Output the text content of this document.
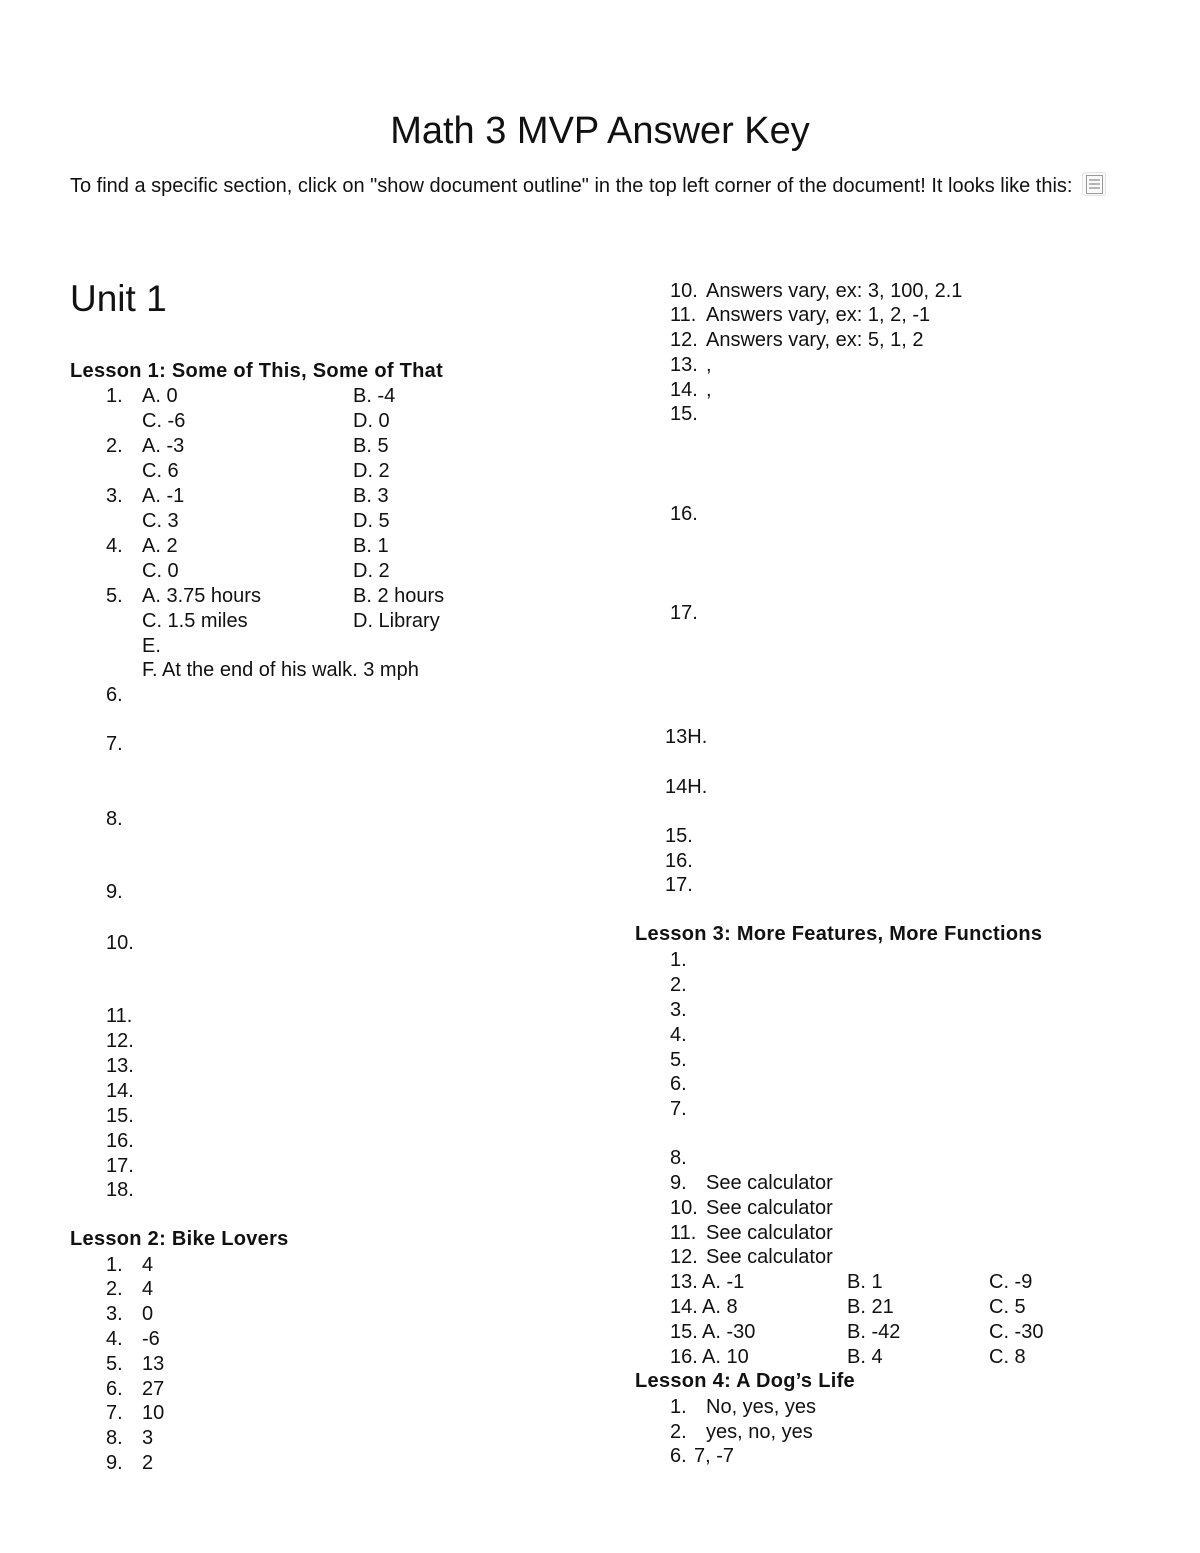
Math 3 MVP Answer Key
To find a specific section, click on "show document outline" in the top left corner of the document! It looks like this:
Unit 1
Lesson 1: Some of This, Some of That
1. A. 0	B. -4
C. -6	D. 0
2. A. -3	B. 5
C. 6	D. 2
3. A. -1	B. 3
C. 3	D. 5
4. A. 2	B. 1
C. 0	D. 2
5. A. 3.75 hours	B. 2 hours
C. 1.5 miles	D. Library
E.
F. At the end of his walk. 3 mph
6.
7.
8.
9.
10.
11.
12.
13.
14.
15.
16.
17.
18.
Lesson 2: Bike Lovers
1. 4
2. 4
3. 0
4. -6
5. 13
6. 27
7. 10
8. 3
9. 2
10. Answers vary, ex: 3, 100, 2.1
11. Answers vary, ex: 1, 2, -1
12. Answers vary, ex: 5, 1, 2
13. ,
14. ,
15.
16.
17.
13H.
14H.
15.
16.
17.
Lesson 3: More Features, More Functions
1.
2.
3.
4.
5.
6.
7.
8.
9. See calculator
10. See calculator
11. See calculator
12. See calculator
13. A. -1	B. 1	C. -9
14. A. 8	B. 21	C. 5
15. A. -30	B. -42	C. -30
16. A. 10	B. 4	C. 8
Lesson 4: A Dog’s Life
1. No, yes, yes
2. yes, no, yes
6. 7, -7
